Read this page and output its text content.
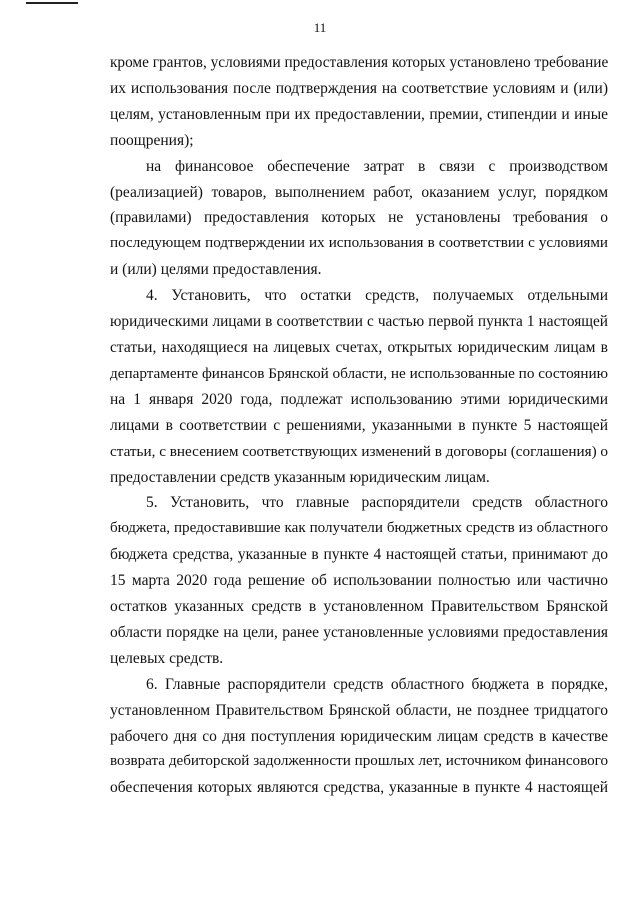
11

кроме грантов, условиями предоставления которых установлено требование
их использования после подтверждения на соответствие условиям и (или)
целям, установленным при их предоставлении, премии, стипендии и иные
поощрения);

на финансовое обеспечение затрат в связи с производством
(реализацией) товаров, выполнением работ, оказанием услуг, порядком
(правилами) предоставления которых не установлены требования о
последующем подтверждении их использования в соответствии с условиями
и (или) целями предоставления.

4. Установить, что остатки средств, получаемых отдельными
юридическими лицами в соответствии с частью первой пункта 1 настоящей
статьи, находящиеся на лицевых счетах, открытых юридическим лицам в
департаменте финансов Брянской области, не использованные по состоянию
на 1 января 2020 года, подлежат использованию этими юридическими
лицами в соответствии с решениями, указанными в пункте 5 настоящей
статьи, с внесением соответствующих изменений в договоры (соглашения) о
предоставлении средств указанным юридическим лицам.

5. Установить, что главные распорядители средств областного
бюджета, предоставившие как получатели бюджетных средств из областного
бюджета средства, указанные в пункте 4 настоящей статьи, принимают до
15 марта 2020 года решение об использовании полностью или частично
остатков указанных средств в установленном Правительством Брянской
области порядке на цели, ранее установленные условиями предоставления
целевых средств.

6. Главные распорядители средств областного бюджета в порядке,
установленном Правительством Брянской области, не позднее тридцатого
рабочего дня со дня поступления юридическим лицам средств в качестве
возврата дебиторской задолженности прошлых лет, источником финансового
обеспечения которых являются средства, указанные в пункте 4 настоящей
